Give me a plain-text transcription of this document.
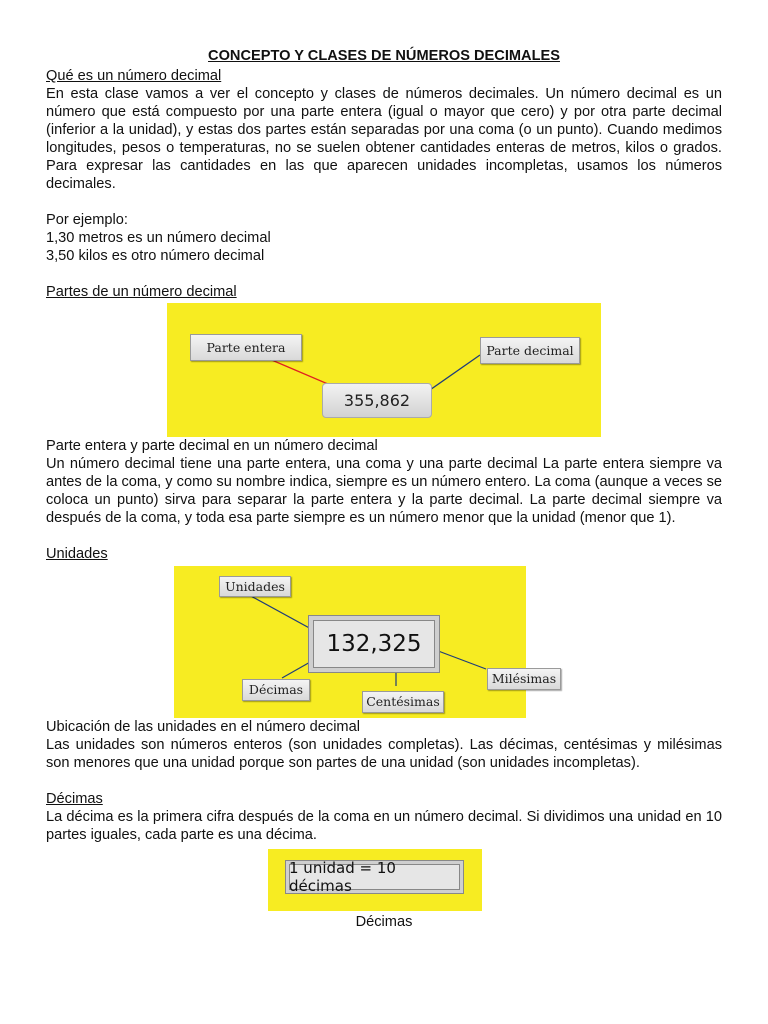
CONCEPTO Y CLASES DE NÚMEROS DECIMALES
Qué es un número decimal

En esta clase vamos a ver el concepto y clases de números decimales. Un número decimal es un número que está compuesto por una parte entera (igual o mayor que cero) y por otra parte decimal (inferior a la unidad), y estas dos partes están separadas por una coma (o un punto). Cuando medimos longitudes, pesos o temperaturas, no se suelen obtener cantidades enteras de metros, kilos o grados. Para expresar las cantidades en las que aparecen unidades incompletas, usamos los números decimales.

Por ejemplo:

1,30 metros es un número decimal

3,50 kilos es otro número decimal

Partes de un número decimal
Parte entera	Parte decimal
355, 862

Parte entera y parte decimal en un número decimal

Un número decimal tiene una parte entera, una coma y una parte decimal La parte entera siempre va antes de la coma, y como su nombre indica, siempre es un número entero. La coma (aunque a veces se coloca un punto) sirva para separar la parte entera y la parte decimal. La parte decimal siempre va después de la coma, y toda esa parte siempre es un número menor que la unidad (menor que 1).

Unidades
Unidades
132,325
Décimas
Centésimas
Milésimas

Ubicación de las unidades en el número decimal

Las unidades son números enteros (son unidades completas). Las décimas, centésimas y milésimas son menores que una unidad porque son partes de una unidad (son unidades incompletas).

Décimas

La décima es la primera cifra después de la coma en un número decimal. Si dividimos una unidad en 10 partes iguales, cada parte es una décima.

1 unidad = 10 décimas
Décimas
